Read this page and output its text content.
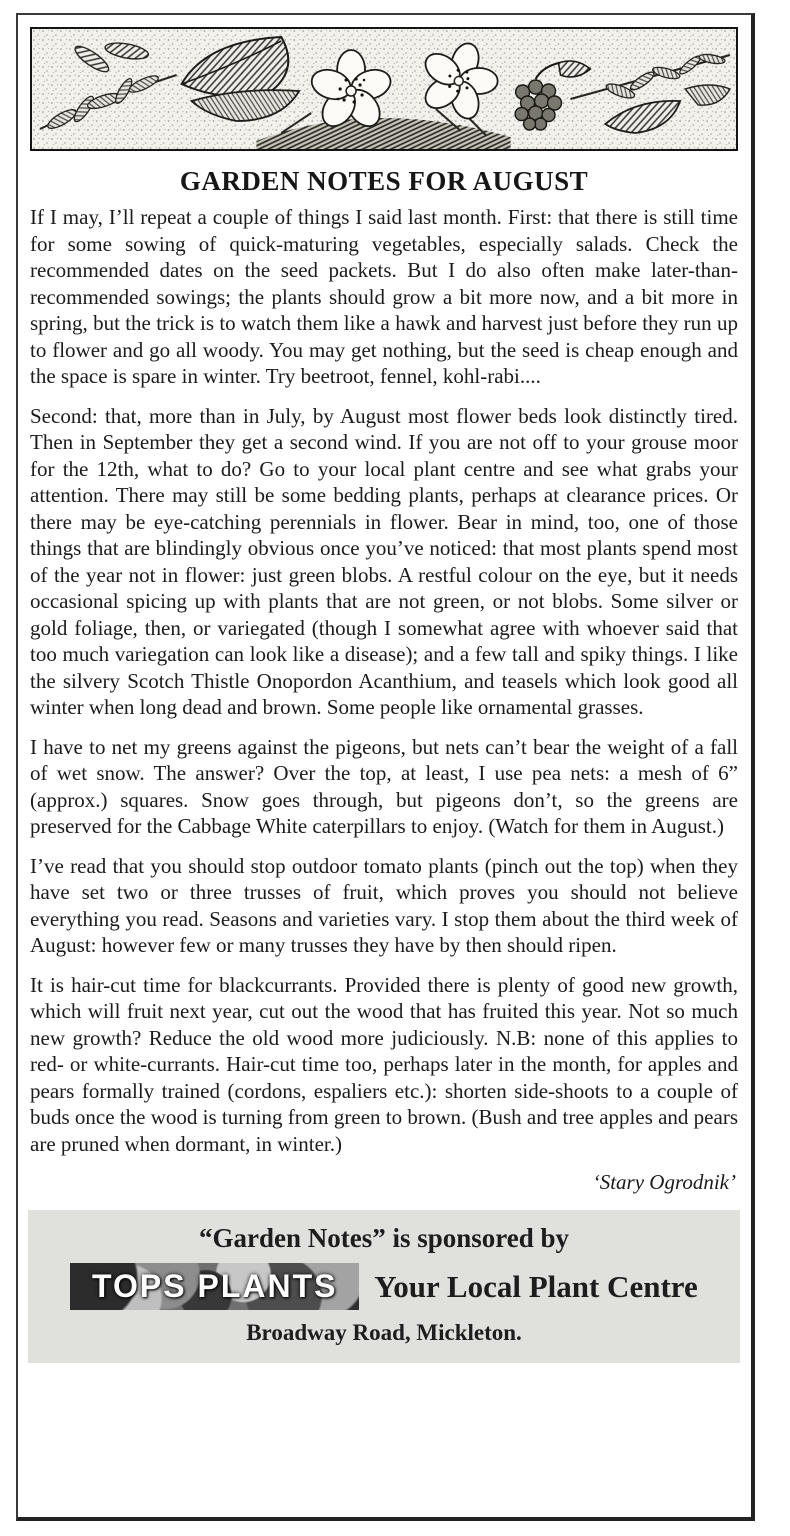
GARDEN NOTES FOR AUGUST

If I may, I’ll repeat a couple of things I said last month. First: that there is still time for some sowing of quick-maturing vegetables, especially salads. Check the recommended dates on the seed packets. But I do also often make later-than-recommended sowings; the plants should grow a bit more now, and a bit more in spring, but the trick is to watch them like a hawk and harvest just before they run up to flower and go all woody. You may get nothing, but the seed is cheap enough and the space is spare in winter. Try beetroot, fennel, kohl-rabi....

Second: that, more than in July, by August most flower beds look distinctly tired. Then in September they get a second wind. If you are not off to your grouse moor for the 12th, what to do? Go to your local plant centre and see what grabs your attention. There may still be some bedding plants, perhaps at clearance prices. Or there may be eye-catching perennials in flower. Bear in mind, too, one of those things that are blindingly obvious once you’ve noticed: that most plants spend most of the year not in flower: just green blobs. A restful colour on the eye, but it needs occasional spicing up with plants that are not green, or not blobs. Some silver or gold foliage, then, or variegated (though I somewhat agree with whoever said that too much variegation can look like a disease); and a few tall and spiky things. I like the silvery Scotch Thistle Onopordon Acanthium, and teasels which look good all winter when long dead and brown. Some people like ornamental grasses.

I have to net my greens against the pigeons, but nets can’t bear the weight of a fall of wet snow. The answer? Over the top, at least, I use pea nets: a mesh of 6” (approx.) squares. Snow goes through, but pigeons don’t, so the greens are preserved for the Cabbage White caterpillars to enjoy. (Watch for them in August.)

I’ve read that you should stop outdoor tomato plants (pinch out the top) when they have set two or three trusses of fruit, which proves you should not believe everything you read. Seasons and varieties vary. I stop them about the third week of August: however few or many trusses they have by then should ripen.

It is hair-cut time for blackcurrants. Provided there is plenty of good new growth, which will fruit next year, cut out the wood that has fruited this year. Not so much new growth? Reduce the old wood more judiciously. N.B: none of this applies to red- or white-currants. Hair-cut time too, perhaps later in the month, for apples and pears formally trained (cordons, espaliers etc.): shorten side-shoots to a couple of buds once the wood is turning from green to brown. (Bush and tree apples and pears are pruned when dormant, in winter.)

‘Stary Ogrodnik’
“Garden Notes” is sponsored by
TOPS PLANTS Your Local Plant Centre
Broadway Road, Mickleton.
